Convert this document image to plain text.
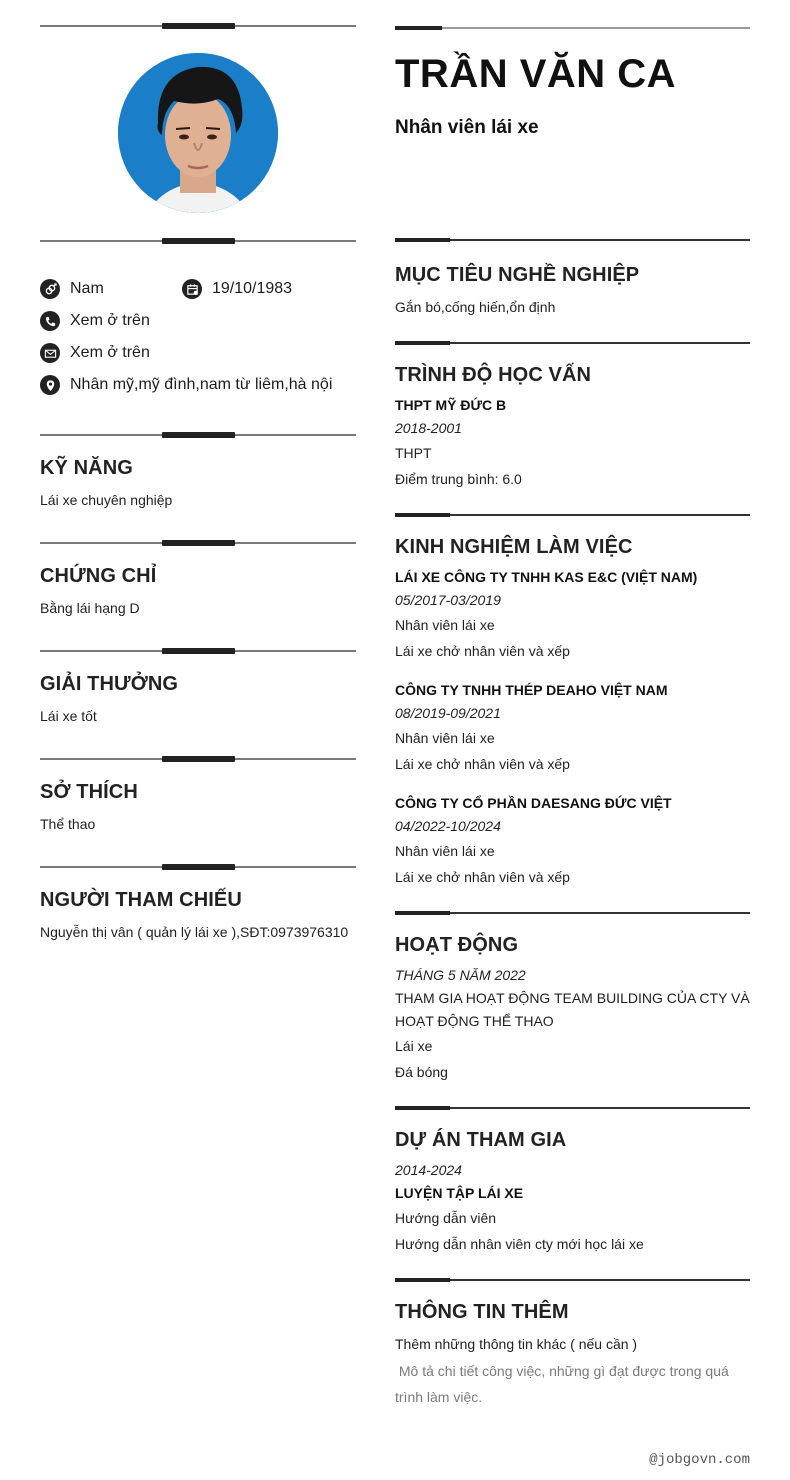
Nam	19/10/1983
Xem ở trên
Xem ở trên
Nhân mỹ,mỹ đình,nam từ liêm,hà nội
KỸ NĂNG
Lái xe chuyên nghiệp
CHỨNG CHỈ
Bằng lái hạng D
GIẢI THƯỞNG
Lái xe tốt
SỞ THÍCH
Thể thao
NGƯỜI THAM CHIẾU
Nguyễn thị vân ( quản lý lái xe ),SĐT:0973976310
TRẦN VĂN CA
Nhân viên lái xe
MỤC TIÊU NGHỀ NGHIỆP
Gắn bó,cống hiến,ổn định
TRÌNH ĐỘ HỌC VẤN
THPT MỸ ĐỨC B
2018-2001
THPT
Điểm trung bình: 6.0
KINH NGHIỆM LÀM VIỆC
LÁI XE CÔNG TY TNHH KAS E&C (VIỆT NAM)
05/2017-03/2019
Nhân viên lái xe
Lái xe chở nhân viên và xếp
CÔNG TY TNHH THÉP DEAHO VIỆT NAM
08/2019-09/2021
Nhân viên lái xe
Lái xe chở nhân viên và xếp
CÔNG TY CỔ PHẦN DAESANG ĐỨC VIỆT
04/2022-10/2024
Nhân viên lái xe
Lái xe chở nhân viên và xếp
HOẠT ĐỘNG
THÁNG 5 NĂM 2022
THAM GIA HOẠT ĐỘNG TEAM BUILDING CỦA CTY VÀ
HOẠT ĐỘNG THỂ THAO
Lái xe
Đá bóng
DỰ ÁN THAM GIA
2014-2024
LUYỆN TẬP LÁI XE
Hướng dẫn viên
Hướng dẫn nhân viên cty mới học lái xe
THÔNG TIN THÊM
Thêm những thông tin khác ( nếu cần )
Mô tả chi tiết công việc, những gì đạt được trong quá
trình làm việc.
@jobgovn.com
